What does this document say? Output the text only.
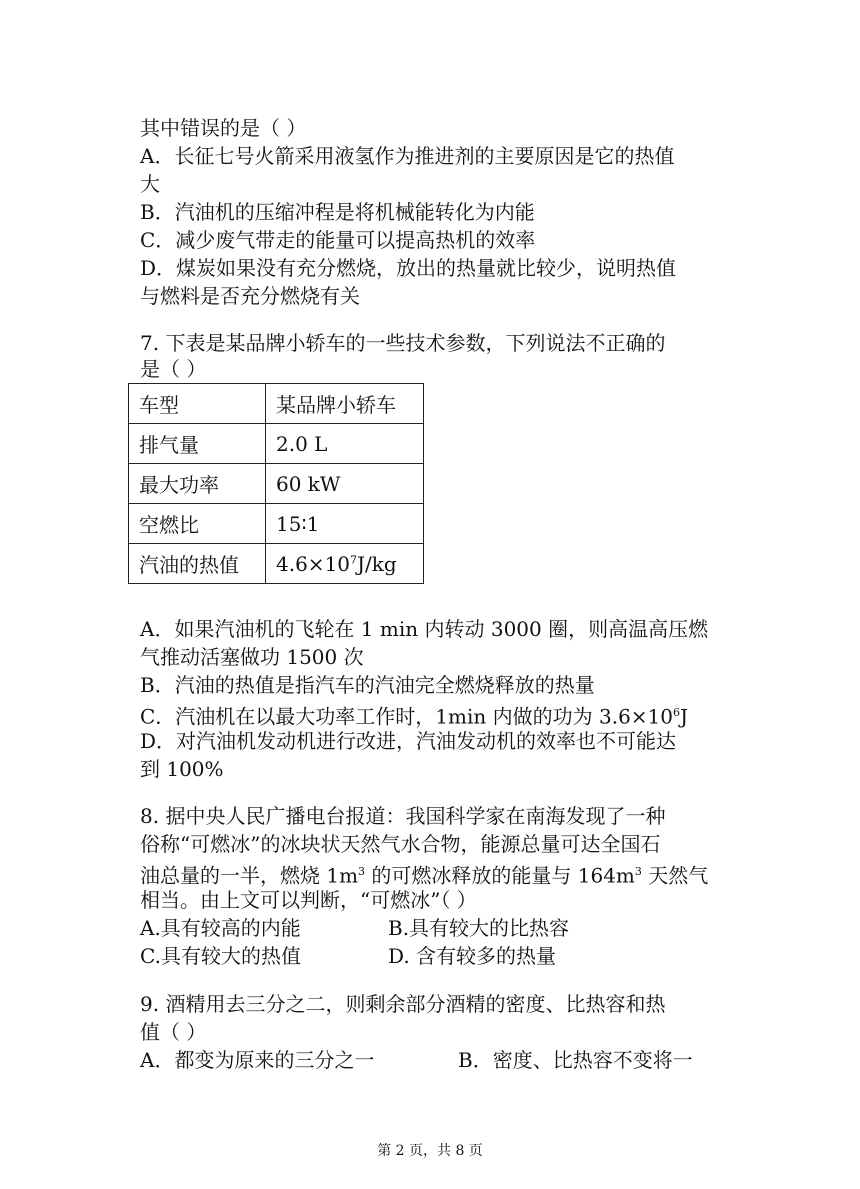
其中错误的是（ ）
A．长征七号火箭采用液氢作为推进剂的主要原因是它的热值
大
B．汽油机的压缩冲程是将机械能转化为内能
C．减少废气带走的能量可以提高热机的效率
D．煤炭如果没有充分燃烧，放出的热量就比较少，说明热值
与燃料是否充分燃烧有关
7. 下表是某品牌小轿车的一些技术参数，下列说法不正确的
是（ ）
车型	某品牌小轿车
排气量	2.0 L
最大功率	60 kW
空燃比	15∶1
汽油的热值	$4.6\times 10^7J/kg$
A．如果汽油机的飞轮在 1 min 内转动 3000 圈，则高温高压燃
气推动活塞做功 1500 次
B．汽油的热值是指汽车的汽油完全燃烧释放的热量
C．汽油机在以最大功率工作时，1min 内做的功为 $3.6\times 10^6J$
D．对汽油机发动机进行改进，汽油发动机的效率也不可能达
到 100%
8. 据中央人民广播电台报道：我国科学家在南海发现了一种
俗称“可燃冰”的冰块状天然气水合物，能源总量可达全国石
油总量的一半，燃烧 $1m^3$ 的可燃冰释放的能量与 $164m^3$ 天然气
相当。由上文可以判断，“可燃冰”（ ）
A.具有较高的内能	B.具有较大的比热容
C.具有较大的热值	D. 含有较多的热量
9. 酒精用去三分之二，则剩余部分酒精的密度、比热容和热
值（ ）
A．都变为原来的三分之一	B．密度、比热容不变将一
第 2 页，共 8 页
